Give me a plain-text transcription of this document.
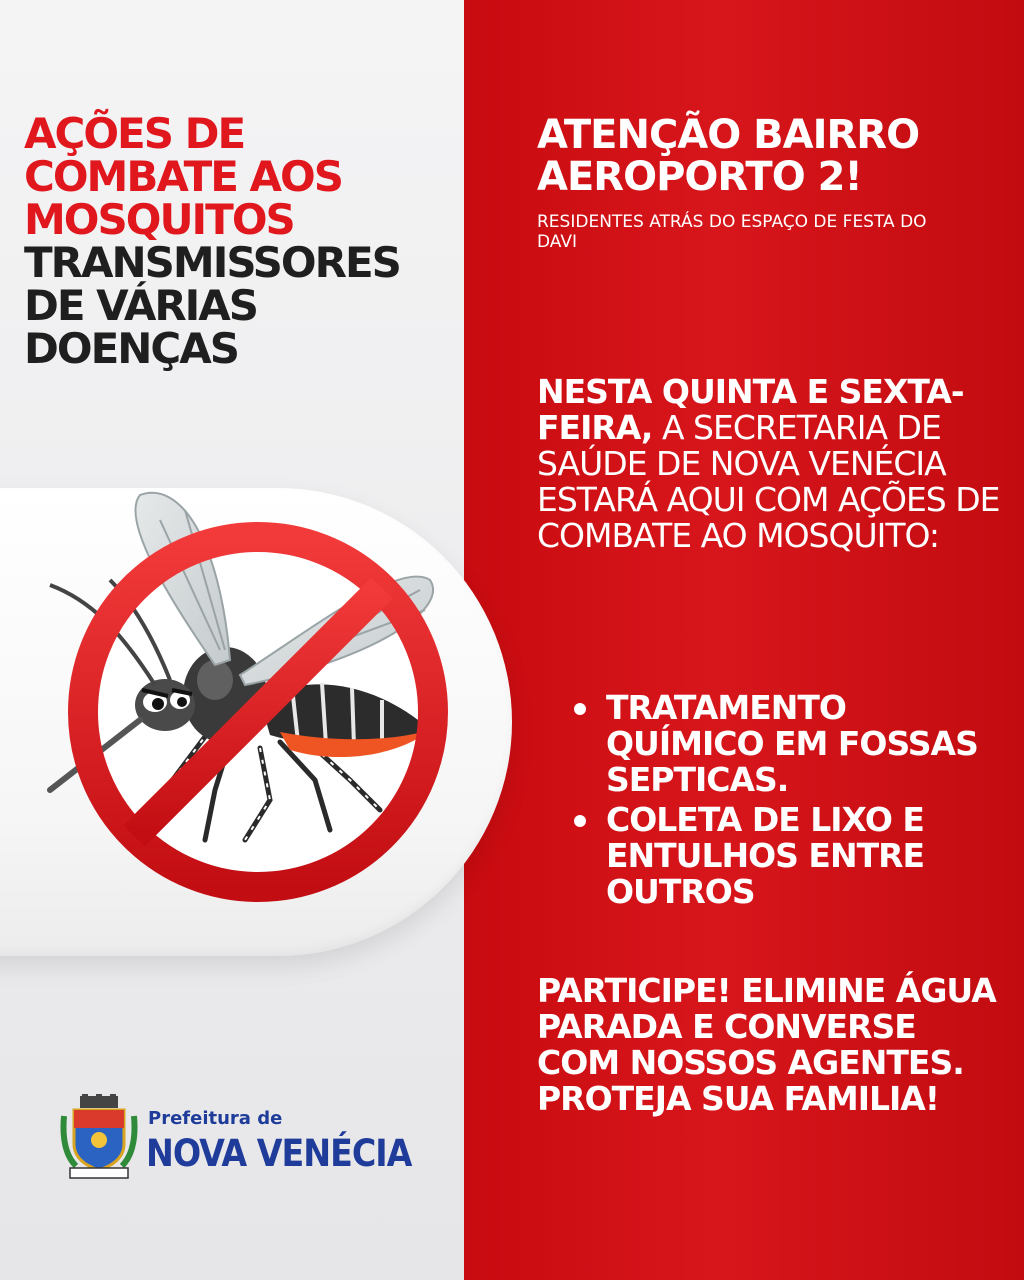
AÇÕES DE
COMBATE AOS
MOSQUITOS
TRANSMISSORES
DE VÁRIAS
DOENÇAS

Prefeitura de

NOVA VENÉCIA

ATENÇÃO BAIRRO AEROPORTO 2!

RESIDENTES ATRÁS DO ESPAÇO DE FESTA DO DAVI

NESTA QUINTA E SEXTA-FEIRA, A SECRETARIA DE SAÚDE DE NOVA VENÉCIA ESTARÁ AQUI COM AÇÕES DE COMBATE AO MOSQUITO:

TRATAMENTO QUÍMICO EM FOSSAS SEPTICAS.
COLETA DE LIXO E ENTULHOS ENTRE OUTROS

PARTICIPE! ELIMINE ÁGUA PARADA E CONVERSE COM NOSSOS AGENTES. PROTEJA SUA FAMILIA!
